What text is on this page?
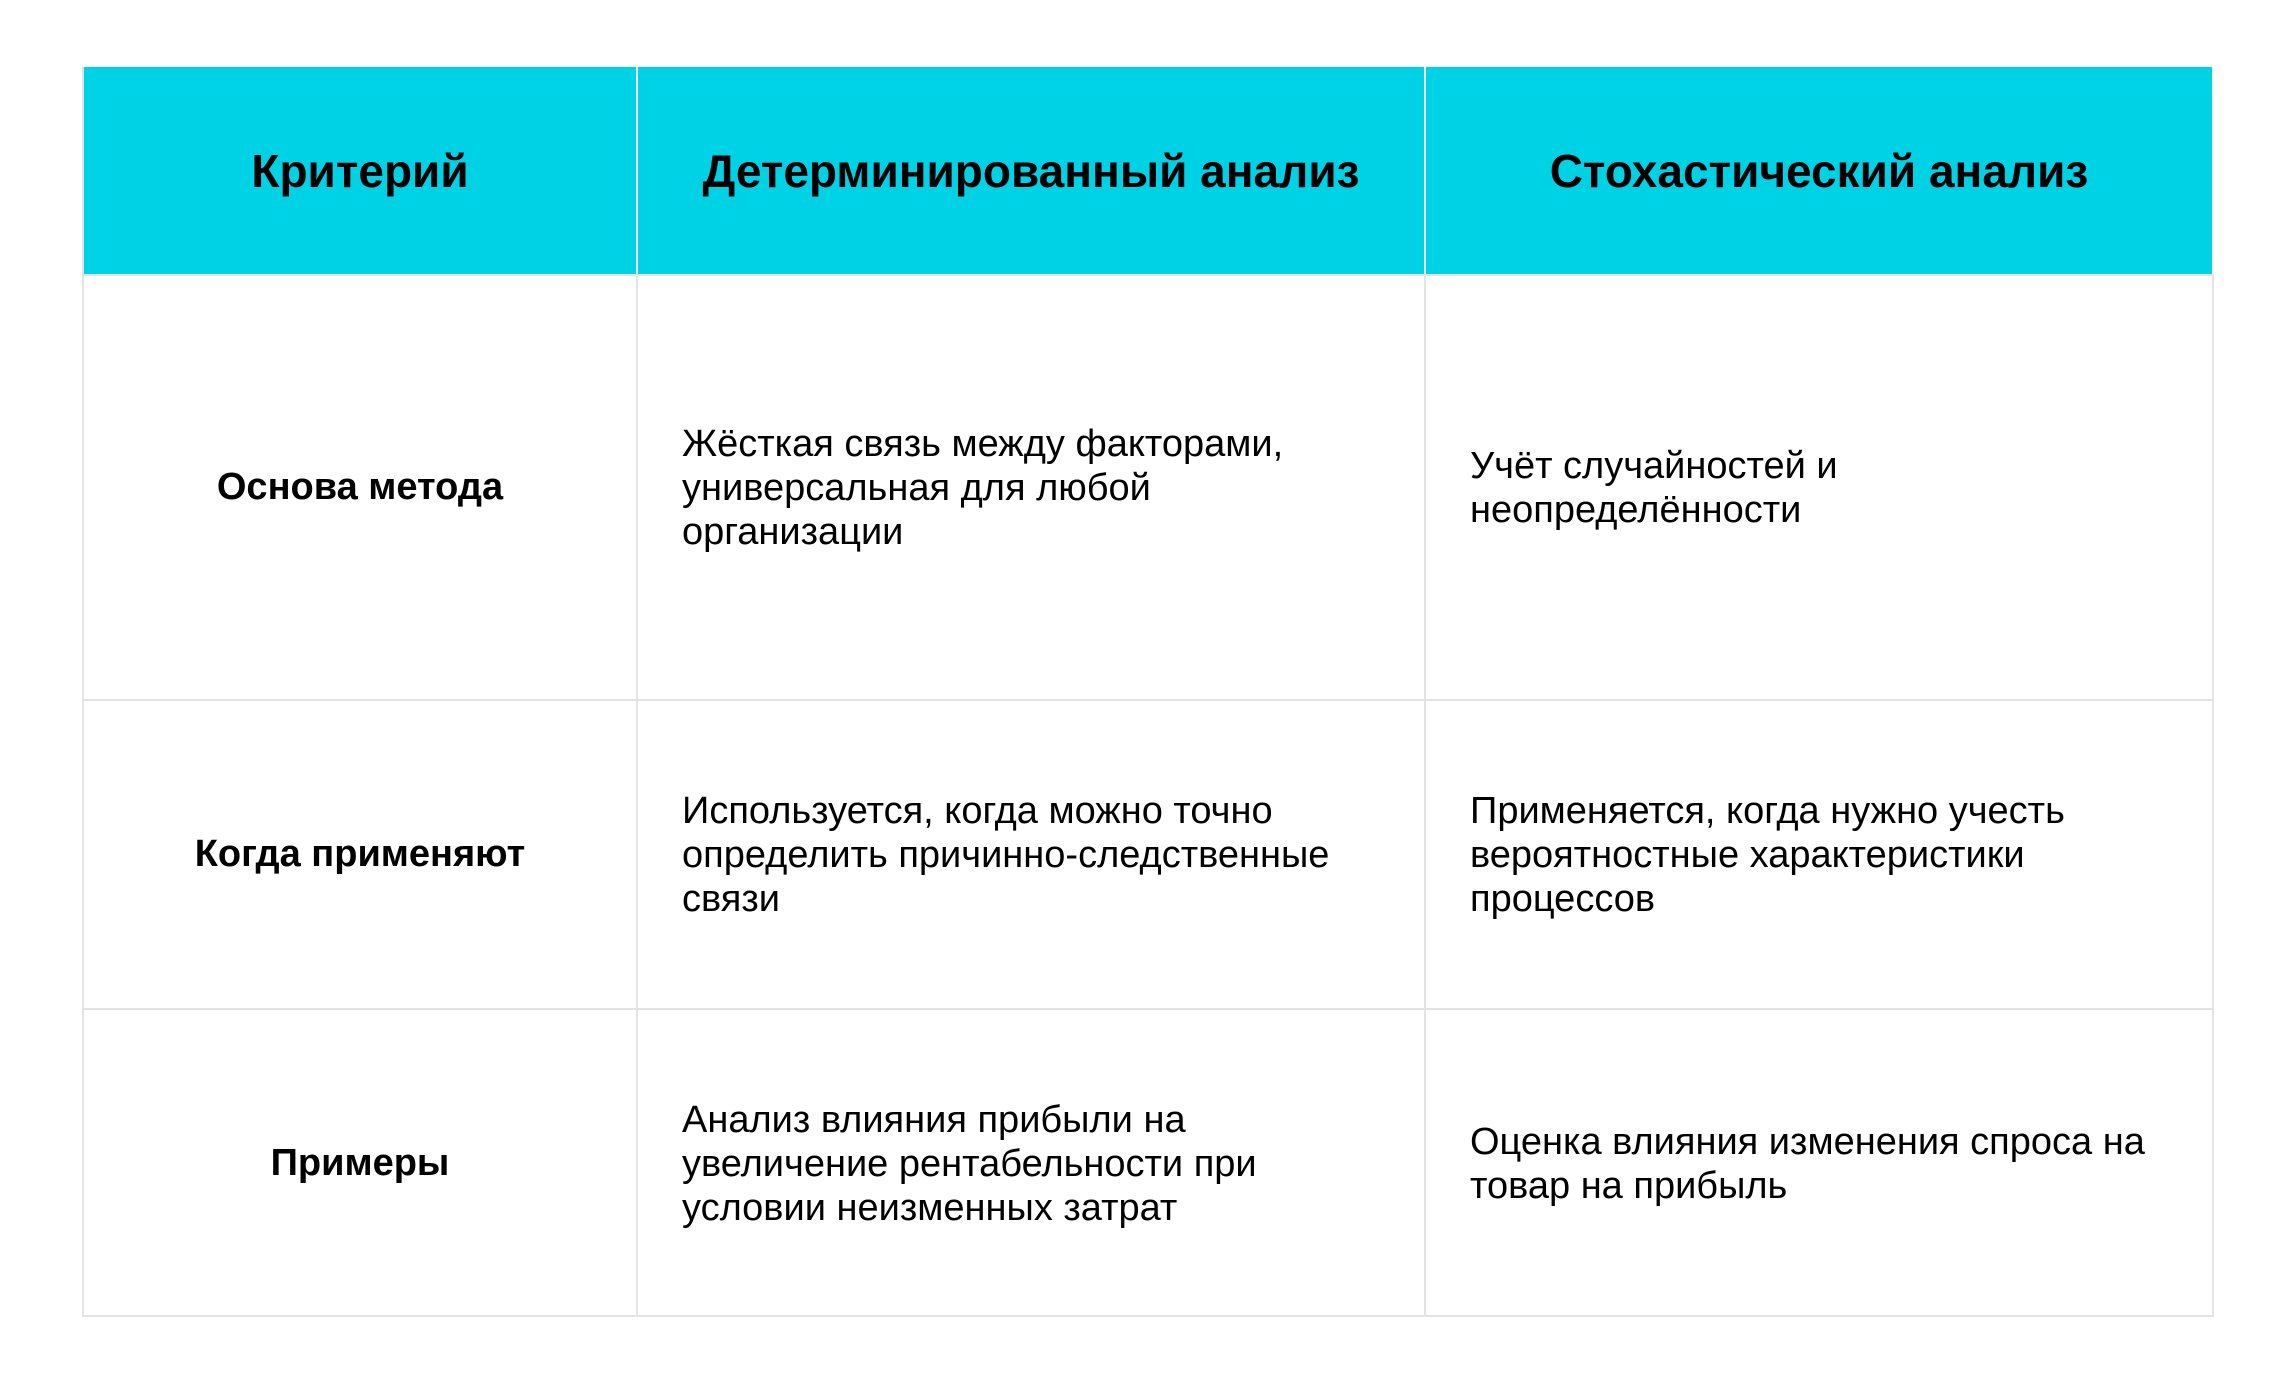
Критерий	Детерминированный анализ	Стохастический анализ
Основа метода
Жёсткая связь между факторами, универсальная для любой организации
Учёт случайностей и неопределённости
Когда применяют
Используется, когда можно точно определить причинно-следственные связи
Применяется, когда нужно учесть вероятностные характеристики процессов
Примеры
Анализ влияния прибыли на увеличение рентабельности при условии неизменных затрат
Оценка влияния изменения спроса на товар на прибыль
